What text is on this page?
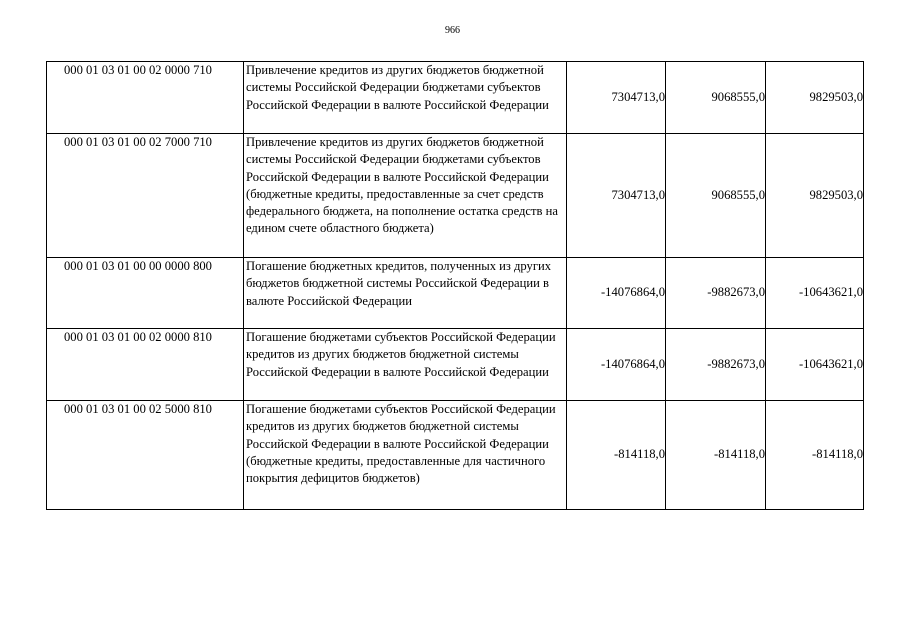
966
000 01 03 01 00 02 0000 710	Привлечение кредитов из других бюджетов бюджетной системы Российской Федерации бюджетами субъектов Российской Федерации в валюте Российской Федерации	7304713,0	9068555,0	9829503,0
000 01 03 01 00 02 7000 710	Привлечение кредитов из других бюджетов бюджетной системы Российской Федерации бюджетами субъектов Российской Федерации в валюте Российской Федерации (бюджетные кредиты, предоставленные за счет средств федерального бюджета, на пополнение остатка средств на едином счете областного бюджета)	7304713,0	9068555,0	9829503,0
000 01 03 01 00 00 0000 800	Погашение бюджетных кредитов, полученных из других бюджетов бюджетной системы Российской Федерации в валюте Российской Федерации	-14076864,0	-9882673,0	-10643621,0
000 01 03 01 00 02 0000 810	Погашение бюджетами субъектов Российской Федерации кредитов из других бюджетов бюджетной системы Российской Федерации в валюте Российской Федерации	-14076864,0	-9882673,0	-10643621,0
000 01 03 01 00 02 5000 810	Погашение бюджетами субъектов Российской Федерации кредитов из других бюджетов бюджетной системы Российской Федерации в валюте Российской Федерации (бюджетные кредиты, предоставленные для частичного покрытия дефицитов бюджетов)	-814118,0	-814118,0	-814118,0
